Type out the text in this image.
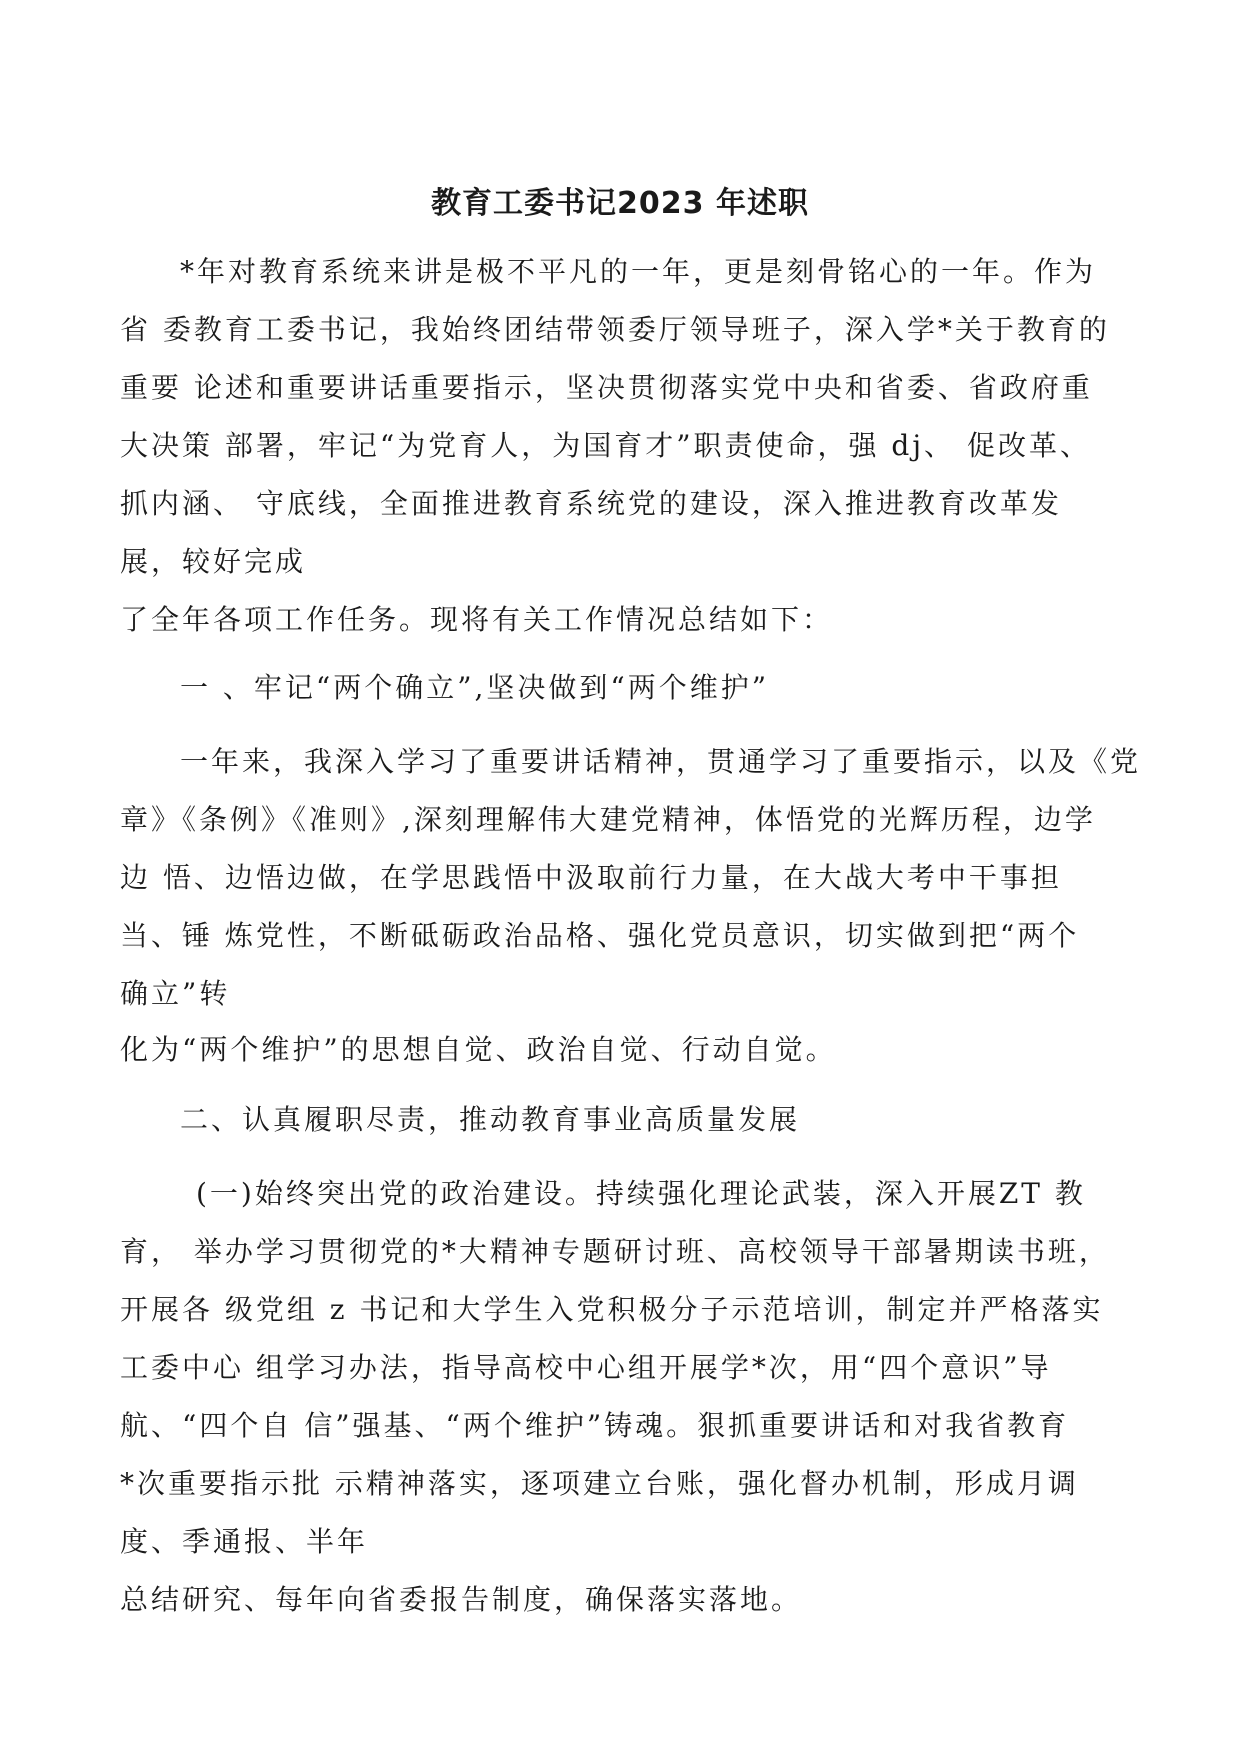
教育工委书记2023 年述职

*年对教育系统来讲是极不平凡的一年，更是刻骨铭心的一年。作为

省 委教育工委书记，我始终团结带领委厅领导班子，深入学*关于教育的

重要 论述和重要讲话重要指示，坚决贯彻落实党中央和省委、省政府重

大决策 部署，牢记“为党育人，为国育才”职责使命，强 dj、 促改革、

抓内涵、 守底线，全面推进教育系统党的建设，深入推进教育改革发

展，较好完成

了全年各项工作任务。现将有关工作情况总结如下：

一 、牢记“两个确立”,坚决做到“两个维护”

一年来，我深入学习了重要讲话精神，贯通学习了重要指示，以及《党

章》《条例》《准则》,深刻理解伟大建党精神，体悟党的光辉历程，边学

边 悟、边悟边做，在学思践悟中汲取前行力量，在大战大考中干事担

当、锤 炼党性，不断砥砺政治品格、强化党员意识，切实做到把“两个

确立”转

化为“两个维护”的思想自觉、政治自觉、行动自觉。

二、认真履职尽责，推动教育事业高质量发展

(一)始终突出党的政治建设。持续强化理论武装，深入开展ZT 教

育， 举办学习贯彻党的*大精神专题研讨班、高校领导干部暑期读书班，

开展各 级党组 z 书记和大学生入党积极分子示范培训，制定并严格落实

工委中心 组学习办法，指导高校中心组开展学*次，用“四个意识”导

航、“四个自 信”强基、“两个维护”铸魂。狠抓重要讲话和对我省教育

*次重要指示批 示精神落实，逐项建立台账，强化督办机制，形成月调

度、季通报、半年

总结研究、每年向省委报告制度，确保落实落地。
